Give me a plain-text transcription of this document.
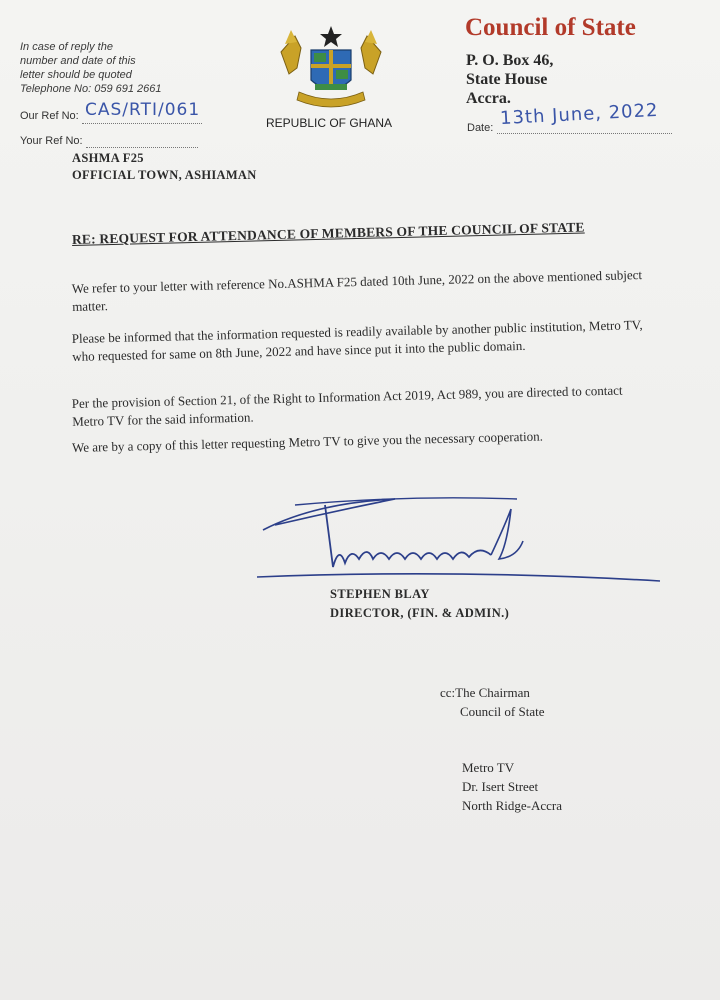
In case of reply the
number and date of this
letter should be quoted
Telephone No: 059 691 2661
Our Ref No: CAS/RTI/061
Your Ref No:
REPUBLIC OF GHANA
Council of State
P. O. Box 46,
State House
Accra.
Date: 13th June, 2022
ASHMA F25
OFFICIAL TOWN, ASHIAMAN
RE: REQUEST FOR ATTENDANCE OF MEMBERS OF THE COUNCIL OF STATE
We refer to your letter with reference No.ASHMA F25 dated 10th June, 2022 on the above mentioned subject matter.
Please be informed that the information requested is readily available by another public institution, Metro TV, who requested for same on 8th June, 2022 and have since put it into the public domain.
Per the provision of Section 21, of the Right to Information Act 2019, Act 989, you are directed to contact Metro TV for the said information.
We are by a copy of this letter requesting Metro TV to give you the necessary cooperation.
STEPHEN BLAY
DIRECTOR, (FIN. & ADMIN.)
cc:The Chairman
Council of State
Metro TV
Dr. Isert Street
North Ridge-Accra
